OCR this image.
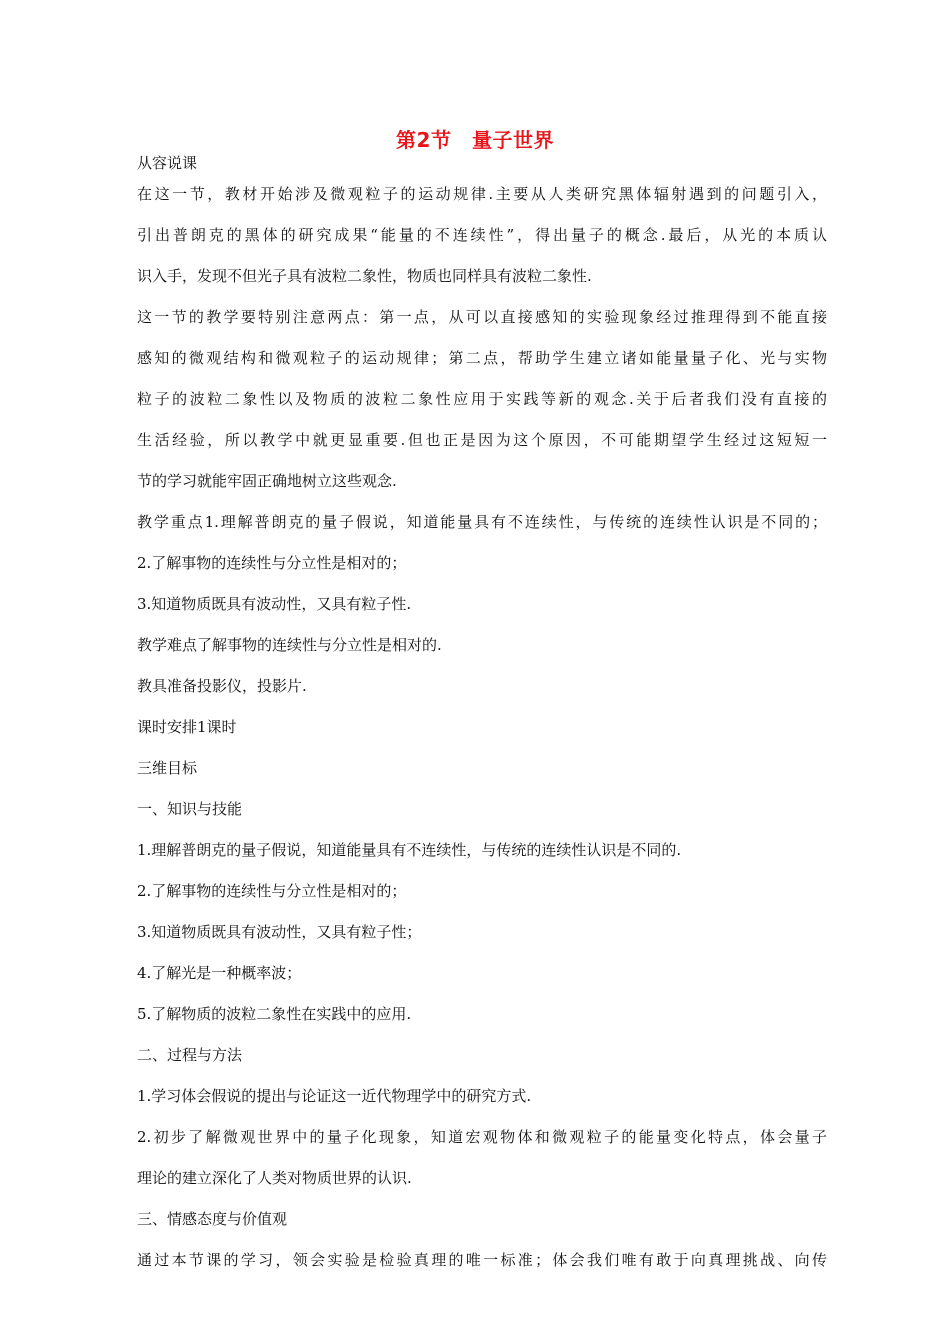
第2节　量子世界
从容说课
在这一节，教材开始涉及微观粒子的运动规律.主要从人类研究黑体辐射遇到的问题引入，
引出普朗克的黑体的研究成果“能量的不连续性”，得出量子的概念.最后，从光的本质认
识入手，发现不但光子具有波粒二象性，物质也同样具有波粒二象性.
这一节的教学要特别注意两点：第一点，从可以直接感知的实验现象经过推理得到不能直接
感知的微观结构和微观粒子的运动规律；第二点，帮助学生建立诸如能量量子化、光与实物
粒子的波粒二象性以及物质的波粒二象性应用于实践等新的观念.关于后者我们没有直接的
生活经验，所以教学中就更显重要.但也正是因为这个原因，不可能期望学生经过这短短一
节的学习就能牢固正确地树立这些观念.
教学重点1.理解普朗克的量子假说，知道能量具有不连续性，与传统的连续性认识是不同的；
2.了解事物的连续性与分立性是相对的；
3.知道物质既具有波动性，又具有粒子性.
教学难点了解事物的连续性与分立性是相对的.
教具准备投影仪，投影片.
课时安排1课时
三维目标
一、知识与技能
1.理解普朗克的量子假说，知道能量具有不连续性，与传统的连续性认识是不同的.
2.了解事物的连续性与分立性是相对的；
3.知道物质既具有波动性，又具有粒子性；
4.了解光是一种概率波；
5.了解物质的波粒二象性在实践中的应用.
二、过程与方法
1.学习体会假说的提出与论证这一近代物理学中的研究方式.
2.初步了解微观世界中的量子化现象，知道宏观物体和微观粒子的能量变化特点，体会量子
理论的建立深化了人类对物质世界的认识.
三、情感态度与价值观
通过本节课的学习，领会实验是检验真理的唯一标准；体会我们唯有敢于向真理挑战、向传
